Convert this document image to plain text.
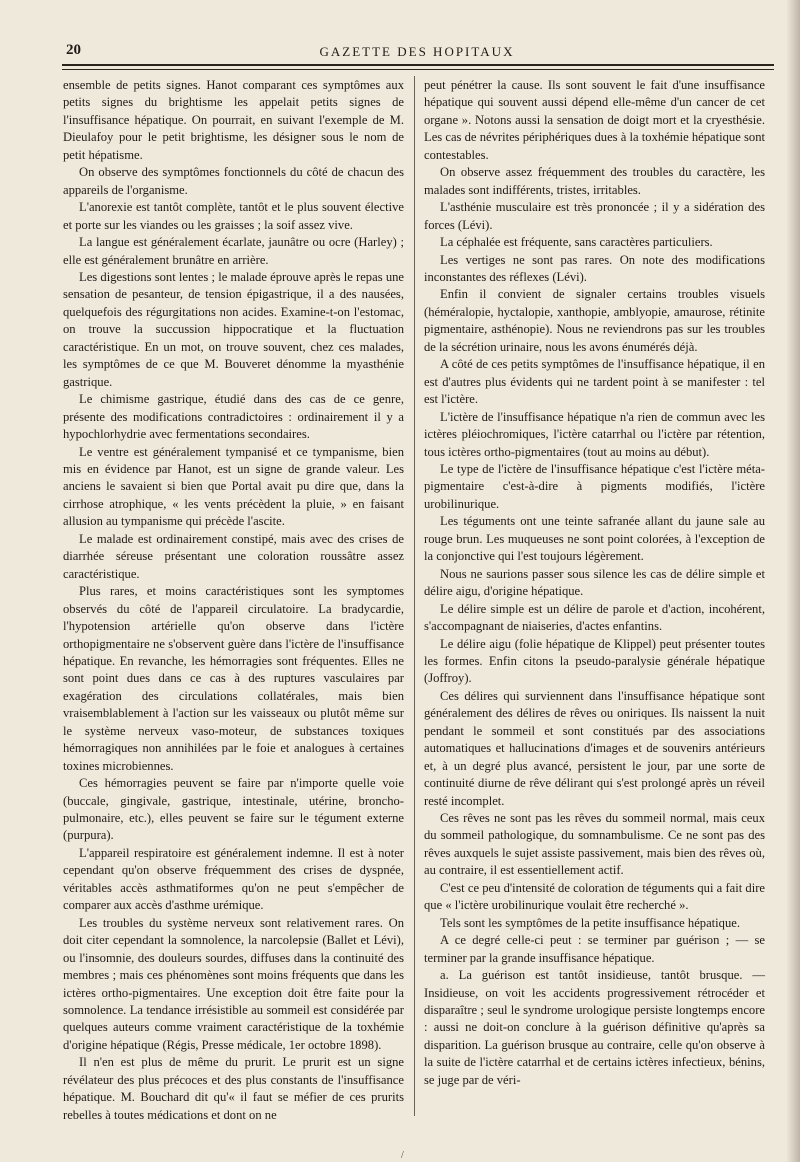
20	GAZETTE DES HOPITAUX

ensemble de petits signes. Hanot comparant ces symptômes aux petits signes du brightisme les appelait petits signes de l'insuffisance hépatique. On pourrait, en suivant l'exemple de M. Dieulafoy pour le petit brightisme, les désigner sous le nom de petit hépatisme.

On observe des symptômes fonctionnels du côté de chacun des appareils de l'organisme.

L'anorexie est tantôt complète, tantôt et le plus souvent élective et porte sur les viandes ou les graisses ; la soif assez vive.

La langue est généralement écarlate, jaunâtre ou ocre (Harley) ; elle est généralement brunâtre en arrière.

Les digestions sont lentes ; le malade éprouve après le repas une sensation de pesanteur, de tension épigastrique, il a des nausées, quelquefois des régurgitations non acides. Examine-t-on l'estomac, on trouve la succussion hippocratique et la fluctuation caractéristique. En un mot, on trouve souvent, chez ces malades, les symptômes de ce que M. Bouveret dénomme la myasthénie gastrique.

Le chimisme gastrique, étudié dans des cas de ce genre, présente des modifications contradictoires : ordinairement il y a hypochlorhydrie avec fermentations secondaires.

Le ventre est généralement tympanisé et ce tympanisme, bien mis en évidence par Hanot, est un signe de grande valeur. Les anciens le savaient si bien que Portal avait pu dire que, dans la cirrhose atrophique, « les vents précèdent la pluie, » en faisant allusion au tympanisme qui précède l'ascite.

Le malade est ordinairement constipé, mais avec des crises de diarrhée séreuse présentant une coloration roussâtre assez caractéristique.

Plus rares, et moins caractéristiques sont les symptomes observés du côté de l'appareil circulatoire. La bradycardie, l'hypotension artérielle qu'on observe dans l'ictère orthopigmentaire ne s'observent guère dans l'ictère de l'insuffisance hépatique. En revanche, les hémorragies sont fréquentes. Elles ne sont point dues dans ce cas à des ruptures vasculaires par exagération des circulations collatérales, mais bien vraisemblablement à l'action sur les vaisseaux ou plutôt même sur le système nerveux vaso-moteur, de substances toxiques hémorragiques non annihilées par le foie et analogues à certaines toxines microbiennes.

Ces hémorragies peuvent se faire par n'importe quelle voie (buccale, gingivale, gastrique, intestinale, utérine, broncho-pulmonaire, etc.), elles peuvent se faire sur le tégument externe (purpura).

L'appareil respiratoire est généralement indemne. Il est à noter cependant qu'on observe fréquemment des crises de dyspnée, véritables accès asthmatiformes qu'on ne peut s'empêcher de comparer aux accès d'asthme urémique.

Les troubles du système nerveux sont relativement rares. On doit citer cependant la somnolence, la narcolepsie (Ballet et Lévi), ou l'insomnie, des douleurs sourdes, diffuses dans la continuité des membres ; mais ces phénomènes sont moins fréquents que dans les ictères ortho-pigmentaires. Une exception doit être faite pour la somnolence. La tendance irrésistible au sommeil est considérée par quelques auteurs comme vraiment caractéristique de la toxhémie d'origine hépatique (Régis, Presse médicale, 1er octobre 1898).

Il n'en est plus de même du prurit. Le prurit est un signe révélateur des plus précoces et des plus constants de l'insuffisance hépatique. M. Bouchard dit qu'« il faut se méfier de ces prurits rebelles à toutes médications et dont on ne

peut pénétrer la cause. Ils sont souvent le fait d'une insuffisance hépatique qui souvent aussi dépend elle-même d'un cancer de cet organe ». Notons aussi la sensation de doigt mort et la cryesthésie. Les cas de névrites périphériques dues à la toxhémie hépatique sont contestables.

On observe assez fréquemment des troubles du caractère, les malades sont indifférents, tristes, irritables.

L'asthénie musculaire est très prononcée ; il y a sidération des forces (Lévi).

La céphalée est fréquente, sans caractères particuliers.

Les vertiges ne sont pas rares. On note des modifications inconstantes des réflexes (Lévi).

Enfin il convient de signaler certains troubles visuels (héméralopie, hyctalopie, xanthopie, amblyopie, amaurose, rétinite pigmentaire, asthénopie). Nous ne reviendrons pas sur les troubles de la sécrétion urinaire, nous les avons énumérés déjà.

A côté de ces petits symptômes de l'insuffisance hépatique, il en est d'autres plus évidents qui ne tardent point à se manifester : tel est l'ictère.

L'ictère de l'insuffisance hépatique n'a rien de commun avec les ictères pléiochromiques, l'ictère catarrhal ou l'ictère par rétention, tous ictères ortho-pigmentaires (tout au moins au début).

Le type de l'ictère de l'insuffisance hépatique c'est l'ictère méta-pigmentaire c'est-à-dire à pigments modifiés, l'ictère urobilinurique.

Les téguments ont une teinte safranée allant du jaune sale au rouge brun. Les muqueuses ne sont point colorées, à l'exception de la conjonctive qui l'est toujours légèrement.

Nous ne saurions passer sous silence les cas de délire simple et délire aigu, d'origine hépatique.

Le délire simple est un délire de parole et d'action, incohérent, s'accompagnant de niaiseries, d'actes enfantins.

Le délire aigu (folie hépatique de Klippel) peut présenter toutes les formes. Enfin citons la pseudo-paralysie générale hépatique (Joffroy).

Ces délires qui surviennent dans l'insuffisance hépatique sont généralement des délires de rêves ou oniriques. Ils naissent la nuit pendant le sommeil et sont constitués par des associations automatiques et hallucinations d'images et de souvenirs antérieurs et, à un degré plus avancé, persistent le jour, par une sorte de continuité diurne de rêve délirant qui s'est prolongé après un réveil resté incomplet.

Ces rêves ne sont pas les rêves du sommeil normal, mais ceux du sommeil pathologique, du somnambulisme. Ce ne sont pas des rêves auxquels le sujet assiste passivement, mais bien des rêves où, au contraire, il est essentiellement actif.

C'est ce peu d'intensité de coloration de téguments qui a fait dire que « l'ictère urobilinurique voulait être recherché ».

Tels sont les symptômes de la petite insuffisance hépatique.

A ce degré celle-ci peut : se terminer par guérison ; — se terminer par la grande insuffisance hépatique.

a. La guérison est tantôt insidieuse, tantôt brusque. — Insidieuse, on voit les accidents progressivement rétrocéder et disparaître ; seul le syndrome urologique persiste longtemps encore : aussi ne doit-on conclure à la guérison définitive qu'après sa disparition. La guérison brusque au contraire, celle qu'on observe à la suite de l'ictère catarrhal et de certains ictères infectieux, bénins, se juge par de véri-

/
